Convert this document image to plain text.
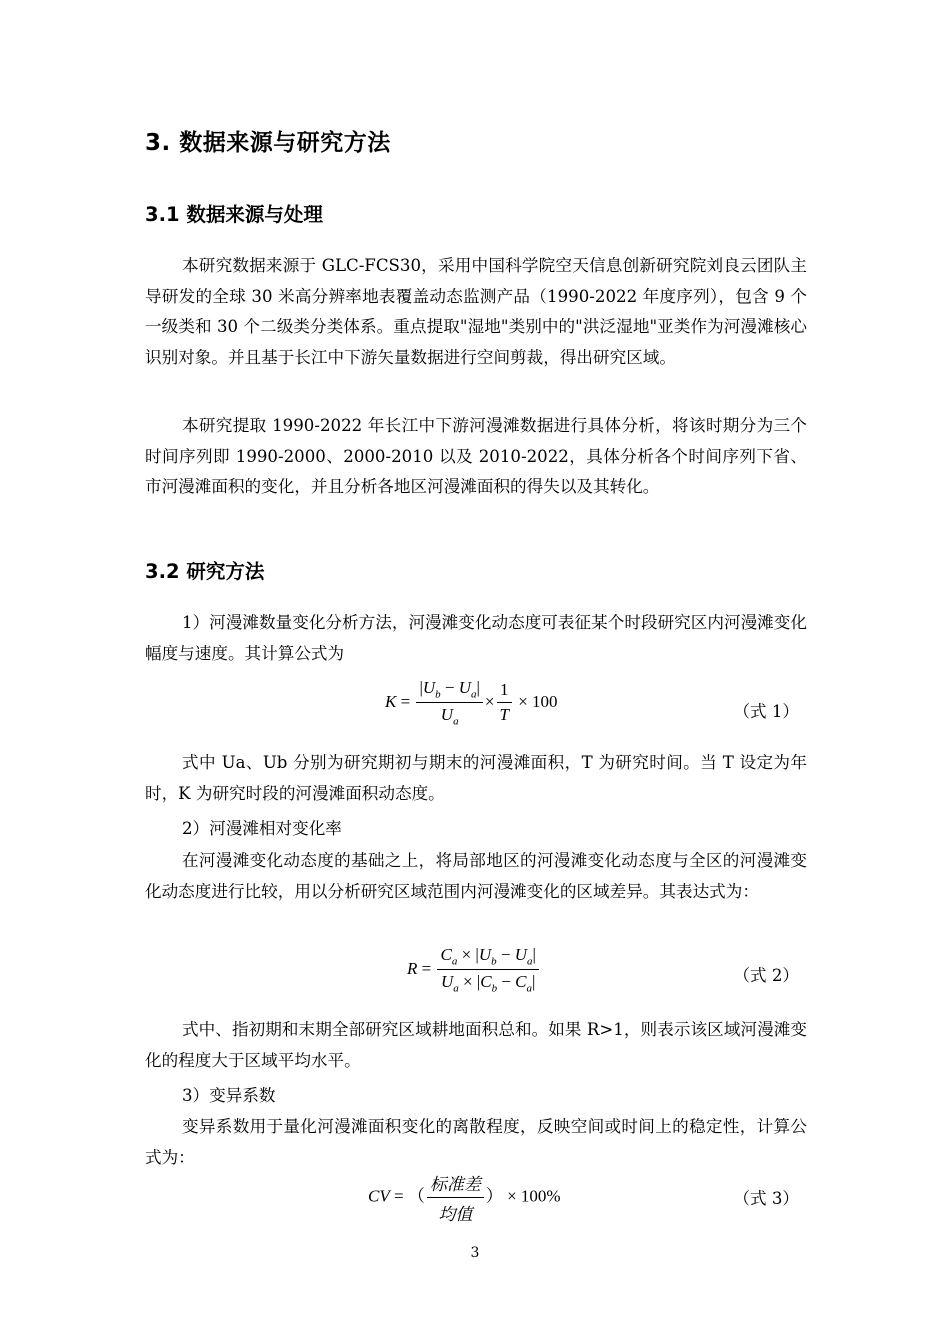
3. 数据来源与研究方法
3.1 数据来源与处理

本研究数据来源于 GLC-FCS30，采用中国科学院空天信息创新研究院刘良云团队主导研发的全球 30 米高分辨率地表覆盖动态监测产品（1990-2022 年度序列），包含 9 个一级类和 30 个二级类分类体系。重点提取"湿地"类别中的"洪泛湿地"亚类作为河漫滩核心识别对象。并且基于长江中下游矢量数据进行空间剪裁，得出研究区域。

本研究提取 1990-2022 年长江中下游河漫滩数据进行具体分析，将该时期分为三个时间序列即 1990-2000、2000-2010 以及 2010-2022，具体分析各个时间序列下省、市河漫滩面积的变化，并且分析各地区河漫滩面积的得失以及其转化。

3.2 研究方法

1）河漫滩数量变化分析方法，河漫滩变化动态度可表征某个时段研究区内河漫滩变化幅度与速度。其计算公式为

$K = \frac{|U_b - U_a|}{U_a} \times \frac{1}{T} \times 100$
（式 1）

式中 Ua、Ub 分别为研究期初与期末的河漫滩面积，T 为研究时间。当 T 设定为年时，K 为研究时段的河漫滩面积动态度。

2）河漫滩相对变化率

在河漫滩变化动态度的基础之上，将局部地区的河漫滩变化动态度与全区的河漫滩变化动态度进行比较，用以分析研究区域范围内河漫滩变化的区域差异。其表达式为：

$R = \frac{C_a \times |U_b - U_a|}{U_a \times |C_b - C_a|}$	（式 2）

式中、指初期和末期全部研究区域耕地面积总和。如果 R>1，则表示该区域河漫滩变化的程度大于区域平均水平。

3）变异系数

变异系数用于量化河漫滩面积变化的离散程度，反映空间或时间上的稳定性，计算公式为：

CV = （ $\frac{\text{标准差}}{\text{均值}}$ ） × 100%	（式 3）
3
